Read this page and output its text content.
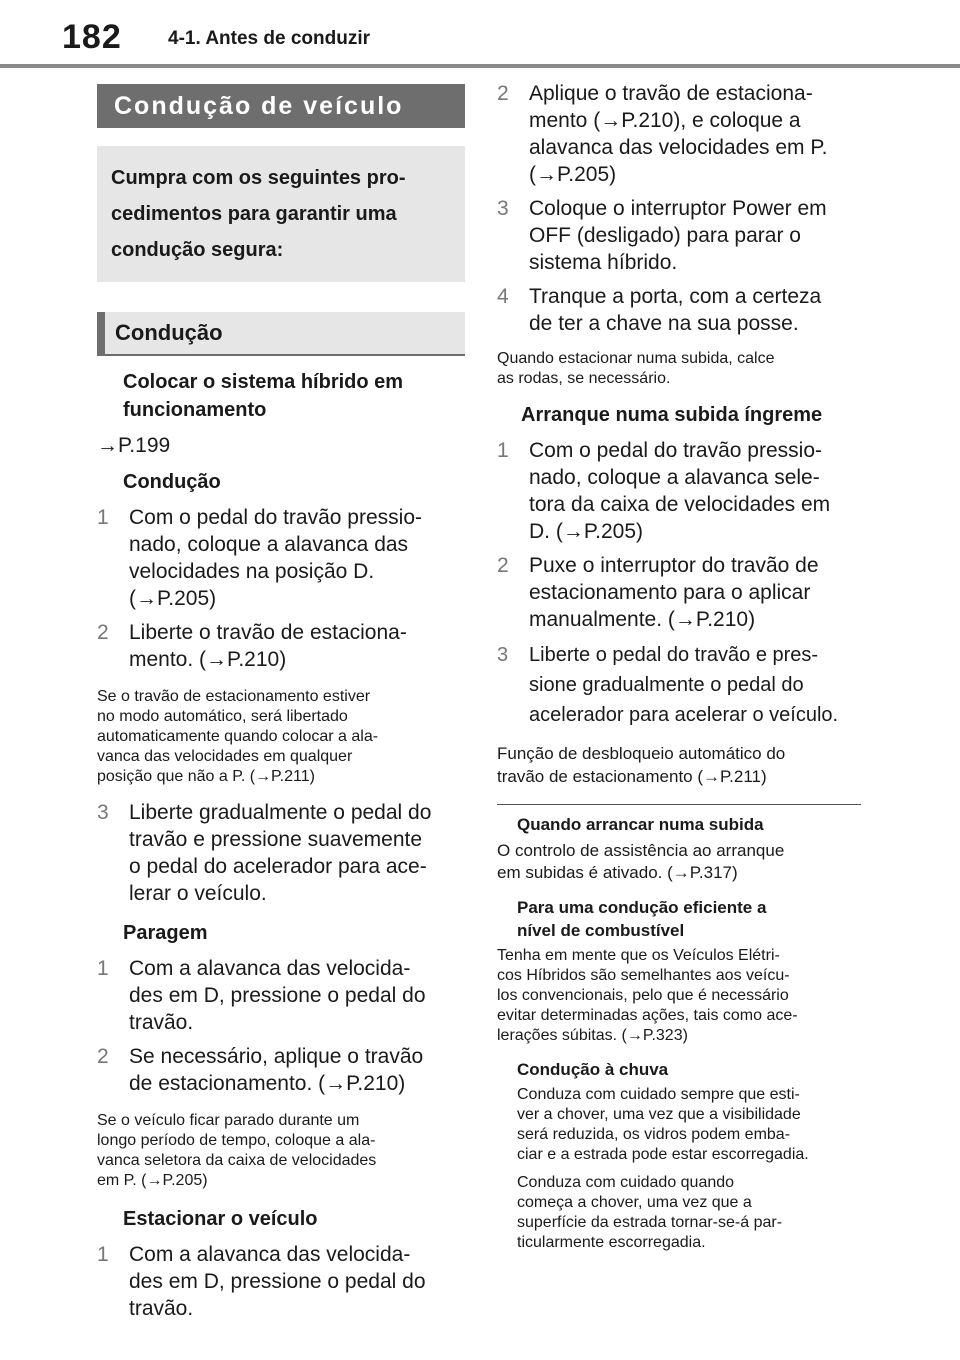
182 4-1. Antes de conduzir
Condução de veículo

Cumpra com os seguintes pro-

cedimentos para garantir uma

condução segura:

Condução
Colocar o sistema híbrido em
funcionamento
→P.199
Condução
1 Com o pedal do travão pressio-
nado, coloque a alavanca das
velocidades na posição D.
(→P.205)
2 Liberte o travão de estaciona-
mento. (→P.210)
Se o travão de estacionamento estiver
no modo automático, será libertado
automaticamente quando colocar a ala-
vanca das velocidades em qualquer
posição que não a P. (→P.211)
3 Liberte gradualmente o pedal do
travão e pressione suavemente
o pedal do acelerador para ace-
lerar o veículo.
Paragem
1 Com a alavanca das velocida-
des em D, pressione o pedal do
travão.
2 Se necessário, aplique o travão
de estacionamento. (→P.210)
Se o veículo ficar parado durante um
longo período de tempo, coloque a ala-
vanca seletora da caixa de velocidades
em P. (→P.205)
Estacionar o veículo
1 Com a alavanca das velocida-
des em D, pressione o pedal do
travão.
2 Aplique o travão de estaciona-
mento (→P.210), e coloque a
alavanca das velocidades em P.
(→P.205)
3 Coloque o interruptor Power em
OFF (desligado) para parar o
sistema híbrido.
4 Tranque a porta, com a certeza
de ter a chave na sua posse.
Quando estacionar numa subida, calce
as rodas, se necessário.
Arranque numa subida íngreme
1 Com o pedal do travão pressio-
nado, coloque a alavanca sele-
tora da caixa de velocidades em
D. (→P.205)
2 Puxe o interruptor do travão de
estacionamento para o aplicar
manualmente. (→P.210)
3	Liberte o pedal do travão e pres-
sione gradualmente o pedal do
acelerador para acelerar o veículo.
Função de desbloqueio automático do
travão de estacionamento (→P.211)
Quando arrancar numa subida
O controlo de assistência ao arranque
em subidas é ativado. (→P.317)
Para uma condução eficiente a
nível de combustível
Tenha em mente que os Veículos Elétri-
cos Híbridos são semelhantes aos veícu-
los convencionais, pelo que é necessário
evitar determinadas ações, tais como ace-
lerações súbitas. (→P.323)
Condução à chuva
Conduza com cuidado sempre que esti-
ver a chover, uma vez que a visibilidade
será reduzida, os vidros podem emba-
ciar e a estrada pode estar escorregadia.
Conduza com cuidado quando
começa a chover, uma vez que a
superfície da estrada tornar-se-á par-
ticularmente escorregadia.
